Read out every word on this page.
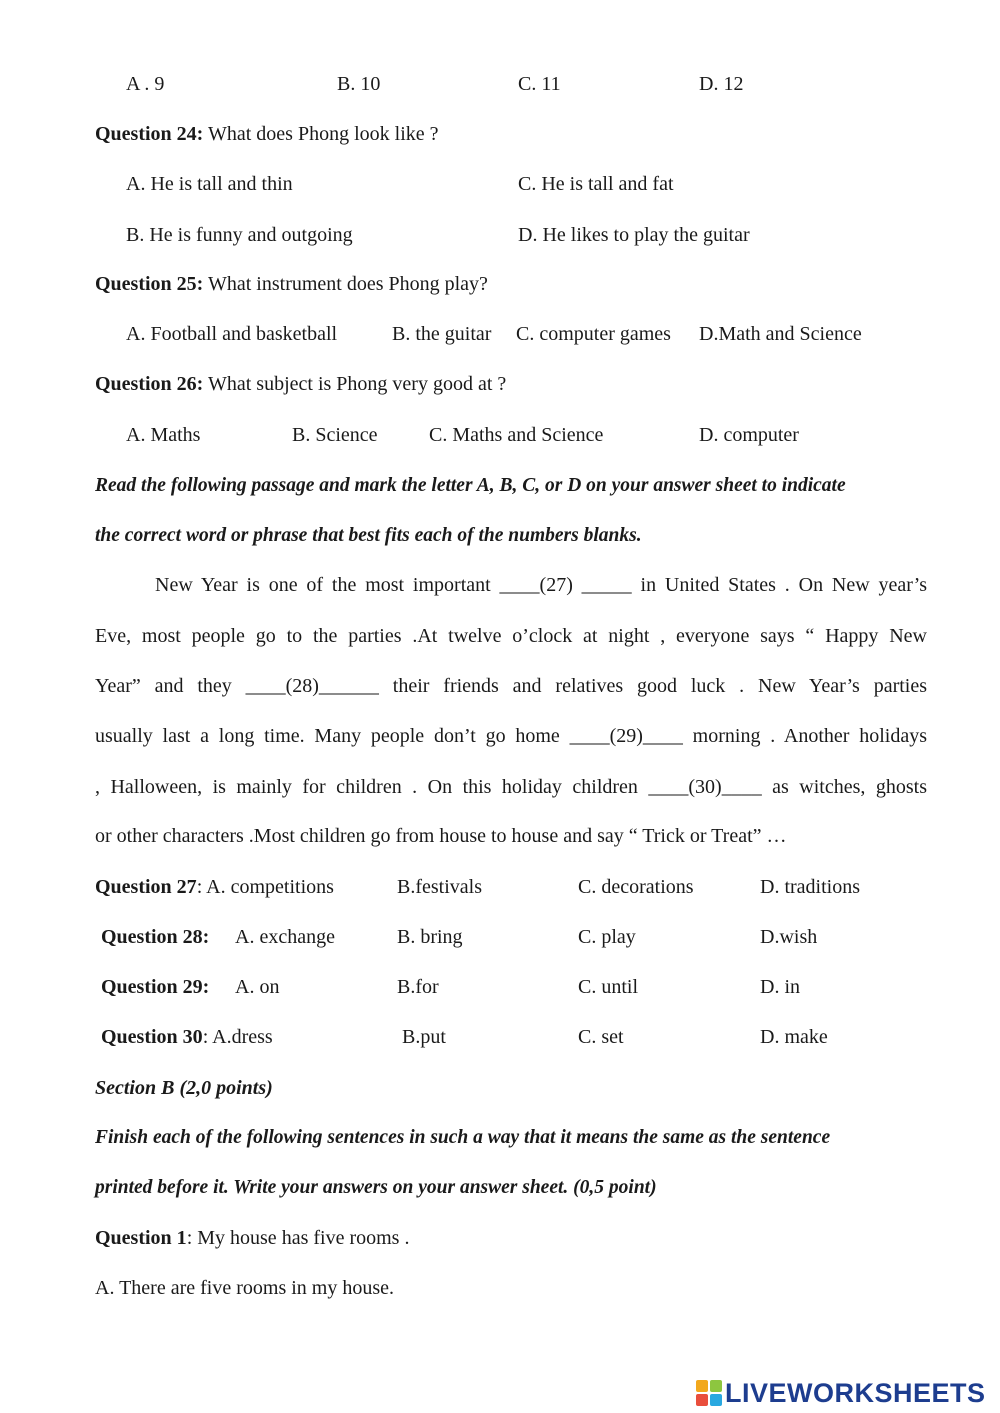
A . 9	B. 10	C. 11	D. 12
Question 24: What does Phong look like ?
A. He is tall and thin	C. He is tall and fat
B. He is funny and outgoing	D. He likes to play the guitar
Question 25: What instrument does Phong play?
A. Football and basketball	B. the guitar C. computer games D.Math and Science
Question 26: What subject is Phong very good at ?
A. Maths	B. Science	C. Maths and Science	D. computer
Read the following passage and mark the letter A, B, C, or D on your answer sheet to indicate
the correct word or phrase that best fits each of the numbers blanks.
New Year is one of the most important ____(27) _____ in United States . On New year’s
Eve, most people go to the parties .At twelve o’clock at night , everyone says “ Happy New
Year” and they ____(28)______ their friends and relatives good luck . New Year’s parties
usually last a long time. Many people don’t go home ____(29)____ morning . Another holidays
, Halloween, is mainly for children . On this holiday children ____(30)____ as witches, ghosts
or other characters .Most children go from house to house and say “ Trick or Treat” …
Question 27: A. competitions	B.festivals	C. decorations	D. traditions
Question 28: A. exchange	B. bring	C. play	D.wish
Question 29: A. on	B.for	C. until	D. in
Question 30: A.dress	B.put	C. set	D. make
Section B (2,0 points)
Finish each of the following sentences in such a way that it means the same as the sentence
printed before it. Write your answers on your answer sheet. (0,5 point)
Question 1: My house has five rooms .
A. There are five rooms in my house.
LIVEWORKSHEETS
